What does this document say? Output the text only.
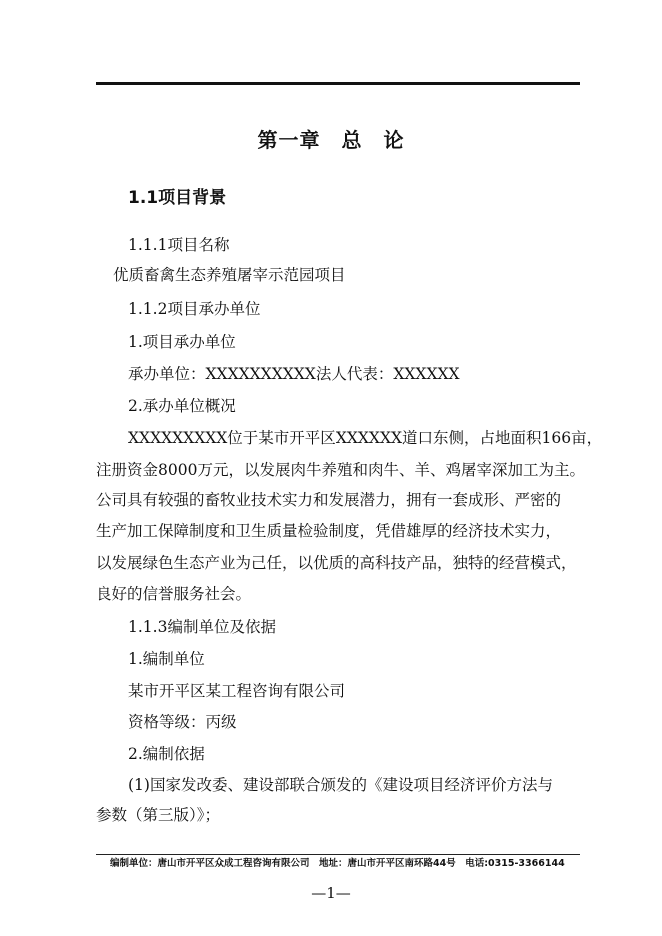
第一章　总　论
1.1项目背景
1.1.1项目名称
优质畜禽生态养殖屠宰示范园项目
1.1.2项目承办单位
1.项目承办单位
承办单位：XXXXXXXXXX法人代表：XXXXXX
2.承办单位概况
XXXXXXXXX位于某市开平区XXXXXX道口东侧，占地面积166亩，
注册资金8000万元，以发展肉牛养殖和肉牛、羊、鸡屠宰深加工为主。
公司具有较强的畜牧业技术实力和发展潜力，拥有一套成形、严密的
生产加工保障制度和卫生质量检验制度，凭借雄厚的经济技术实力，
以发展绿色生态产业为己任，以优质的高科技产品，独特的经营模式，
良好的信誉服务社会。
1.1.3编制单位及依据
1.编制单位
某市开平区某工程咨询有限公司
资格等级：丙级
2.编制依据
(1)国家发改委、建设部联合颁发的《建设项目经济评价方法与
参数（第三版）》；
编制单位：唐山市开平区众成工程咨询有限公司　地址：唐山市开平区南环路44号　电话:0315-3366144
—1—
